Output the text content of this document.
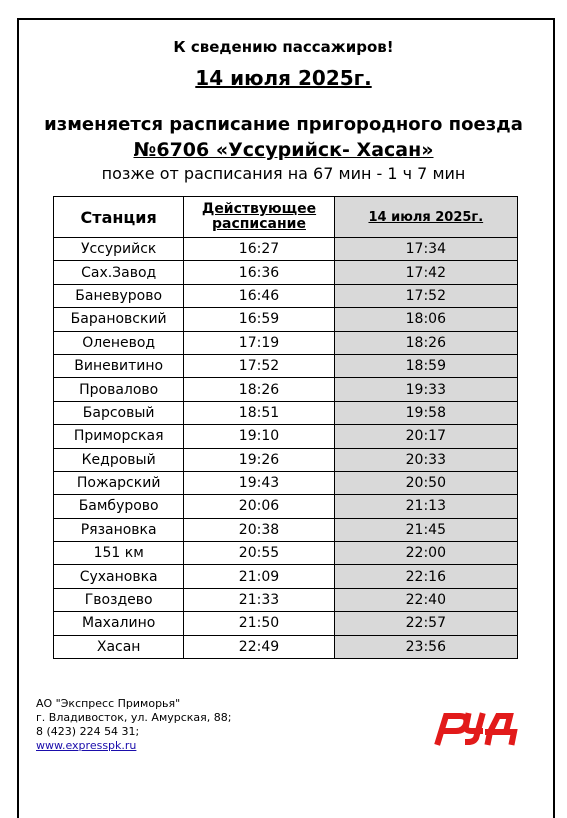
К сведению пассажиров!
14 июля 2025г.
изменяется расписание пригородного поезда
№6706 «Уссурийск- Хасан»
позже от расписания на 67 мин - 1 ч 7 мин
Станция	Действующее расписание	14 июля 2025г.
Уссурийск	16:27	17:34
Сах.Завод	16:36	17:42
Баневурово	16:46	17:52
Барановский	16:59	18:06
Оленевод	17:19	18:26
Виневитино	17:52	18:59
Провалово	18:26	19:33
Барсовый	18:51	19:58
Приморская	19:10	20:17
Кедровый	19:26	20:33
Пожарский	19:43	20:50
Бамбурово	20:06	21:13
Рязановка	20:38	21:45
151 км	20:55	22:00
Сухановка	21:09	22:16
Гвоздево	21:33	22:40
Махалино	21:50	22:57
Хасан	22:49	23:56
АО "Экспресс Приморья"
г. Владивосток, ул. Амурская, 88;
8 (423) 224 54 31;
www.expresspk.ru
